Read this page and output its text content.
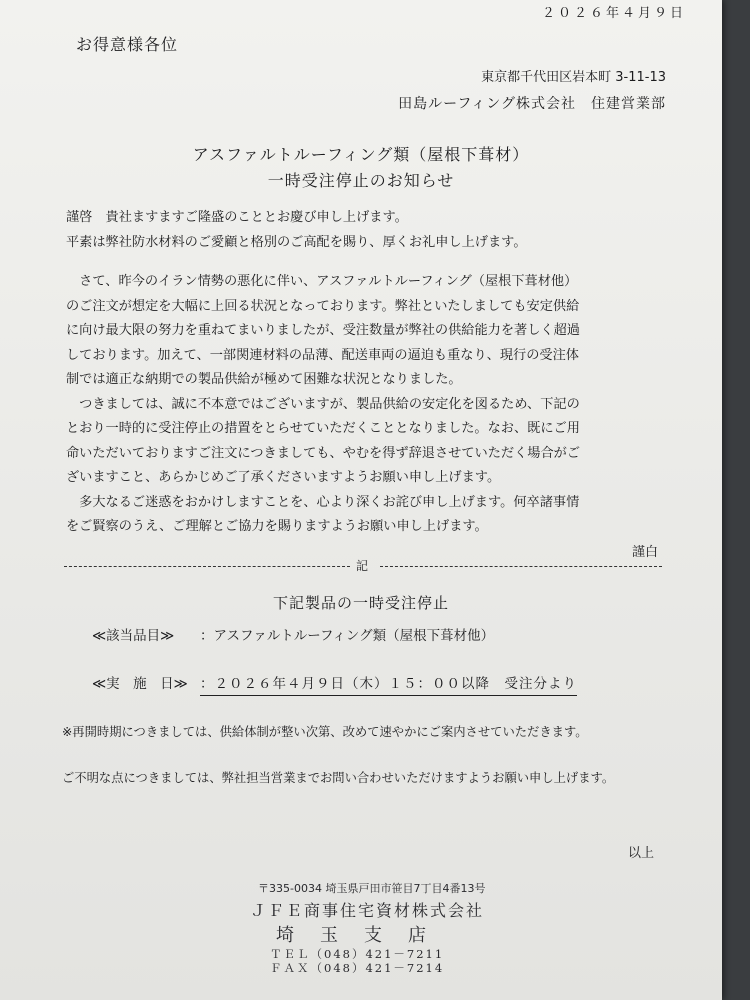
２０２６年４月９日
お得意様各位
東京都千代田区岩本町 3-11-13
田島ルーフィング株式会社　住建営業部
アスファルトルーフィング類（屋根下葺材）
一時受注停止のお知らせ
謹啓　貴社ますますご隆盛のこととお慶び申し上げます。
平素は弊社防水材料のご愛顧と格別のご高配を賜り、厚くお礼申し上げます。
　さて、昨今のイラン情勢の悪化に伴い、アスファルトルーフィング（屋根下葺材他）
のご注文が想定を大幅に上回る状況となっております。弊社といたしましても安定供給
に向け最大限の努力を重ねてまいりましたが、受注数量が弊社の供給能力を著しく超過
しております。加えて、一部関連材料の品薄、配送車両の逼迫も重なり、現行の受注体
制では適正な納期での製品供給が極めて困難な状況となりました。
　つきましては、誠に不本意ではございますが、製品供給の安定化を図るため、下記の
とおり一時的に受注停止の措置をとらせていただくこととなりました。なお、既にご用
命いただいておりますご注文につきましても、やむを得ず辞退させていただく場合がご
ざいますこと、あらかじめご了承くださいますようお願い申し上げます。
　多大なるご迷惑をおかけしますことを、心より深くお詫び申し上げます。何卒諸事情
をご賢察のうえ、ご理解とご協力を賜りますようお願い申し上げます。
謹白
記
下記製品の一時受注停止
≪該当品目≫ ：アスファルトルーフィング類（屋根下葺材他）
≪実　施　日≫ ：２０２６年４月９日（木）１５：００以降　受注分より
※再開時期につきましては、供給体制が整い次第、改めて速やかにご案内させていただきます。
ご不明な点につきましては、弊社担当営業までお問い合わせいただけますようお願い申し上げます。
以上
〒335-0034 埼玉県戸田市笹目7丁目4番13号
ＪＦＥ商事住宅資材株式会社
埼玉支店
ＴＥＬ（048）421－7211
ＦＡＸ（048）421－7214
